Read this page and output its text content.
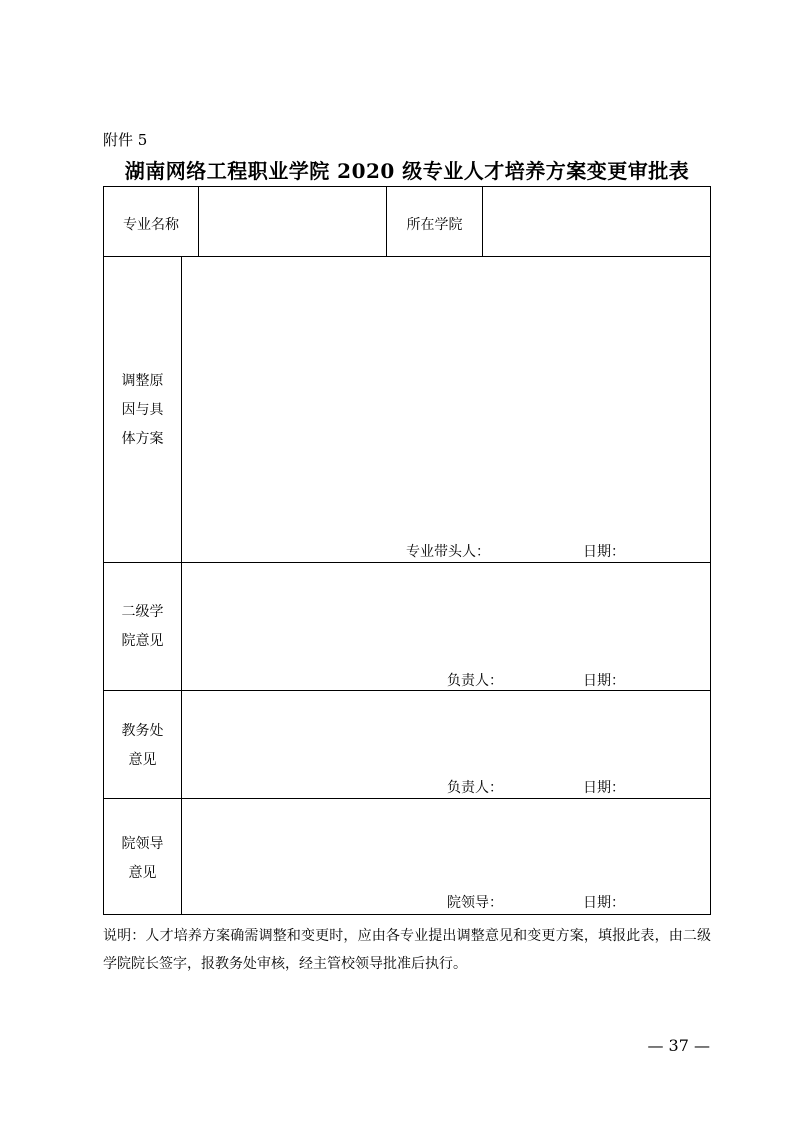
附件 5
湖南网络工程职业学院 2020 级专业人才培养方案变更审批表
专业名称	所在学院
调整原
因与具
体方案
专业带头人：	日期：
二级学
院意见
负责人：	日期：
教务处
意见
负责人：	日期：
院领导
意见
院领导：	日期：
说明：人才培养方案确需调整和变更时，应由各专业提出调整意见和变更方案，填报此表，由二级学院院长签字，报教务处审核，经主管校领导批准后执行。
— 37 —
